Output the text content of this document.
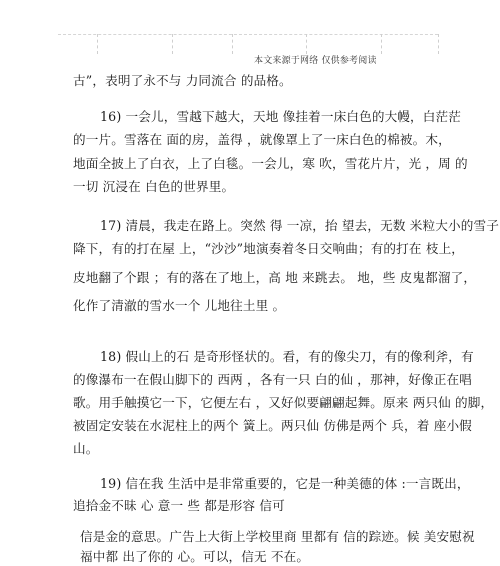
本文来源于网络 仅供参考阅读
古”，表明了永不与 力同流合 的品格。
16) 一会儿，雪越下越大，天地 像挂着一床白色的大幔，白茫茫
的一片。雪落在 面的房，盖得 ，就像罩上了一床白色的棉被。木，
地面全披上了白衣，上了白毯。一会儿，寒 吹，雪花片片，光 ，周 的
一切 沉浸在 白色的世界里。
17) 清晨，我走在路上。突然 得 一凉，抬 望去，无数 米粒大小的雪子
降下，有的打在屋 上，“沙沙”地演奏着冬日交响曲；有的打在 枝上，
皮地翻了个跟 ；有的落在了地上，高 地 来跳去。 地，些 皮鬼都溜了，
化作了清澈的雪水一个 儿地往土里 。
18) 假山上的石 是奇形怪状的。看，有的像尖刀，有的像利斧，有
的像瀑布一在假山脚下的 西两 ，各有一只 白的仙 ，那神，好像正在唱
歌。用手触摸它一下，它便左右 ，又好似要翩翩起舞。原来 两只仙 的脚，
被固定安装在水泥柱上的两个 簧上。两只仙 仿佛是两个 兵，着 座小假
山。
19) 信在我 生活中是非常重要的，它是一种美德的体 :一言既出，
追拾金不昧 心 意一 些 都是形容 信可
信是金的意思。广告上大街上学校里商 里都有 信的踪迹。候 美安慰祝
福中都 出了你的 心。可以，信无 不在。
